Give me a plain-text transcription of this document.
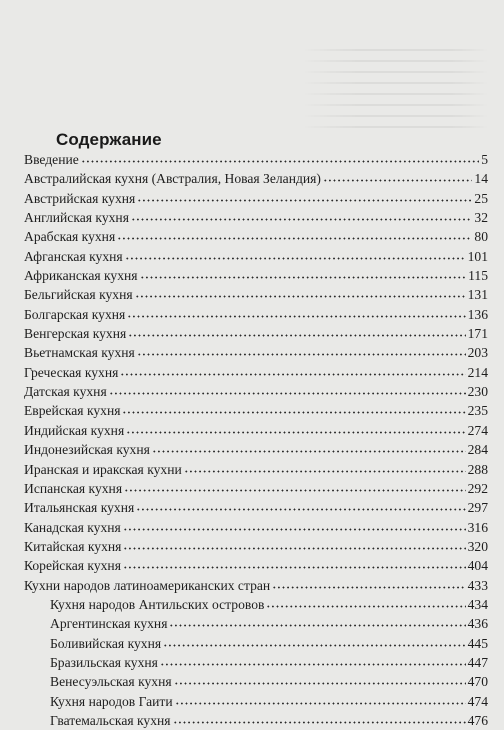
Содержание
Введение	5
Австралийская кухня (Австралия, Новая Зеландия)	14
Австрийская кухня	25
Английская кухня	32
Арабская кухня	80
Афганская кухня	101
Африканская кухня	115
Бельгийская кухня	131
Болгарская кухня	136
Венгерская кухня	171
Вьетнамская кухня	203
Греческая кухня	214
Датская кухня	230
Еврейская кухня	235
Индийская кухня	274
Индонезийская кухня	284
Иранская и иракская кухни	288
Испанская кухня	292
Итальянская кухня	297
Канадская кухня	316
Китайская кухня	320
Корейская кухня	404
Кухни народов латиноамериканских стран	433
Кухня народов Антильских островов	434
Аргентинская кухня	436
Боливийская кухня	445
Бразильская кухня	447
Венесуэльская кухня	470
Кухня народов Гаити	474
Гватемальская кухня	476
